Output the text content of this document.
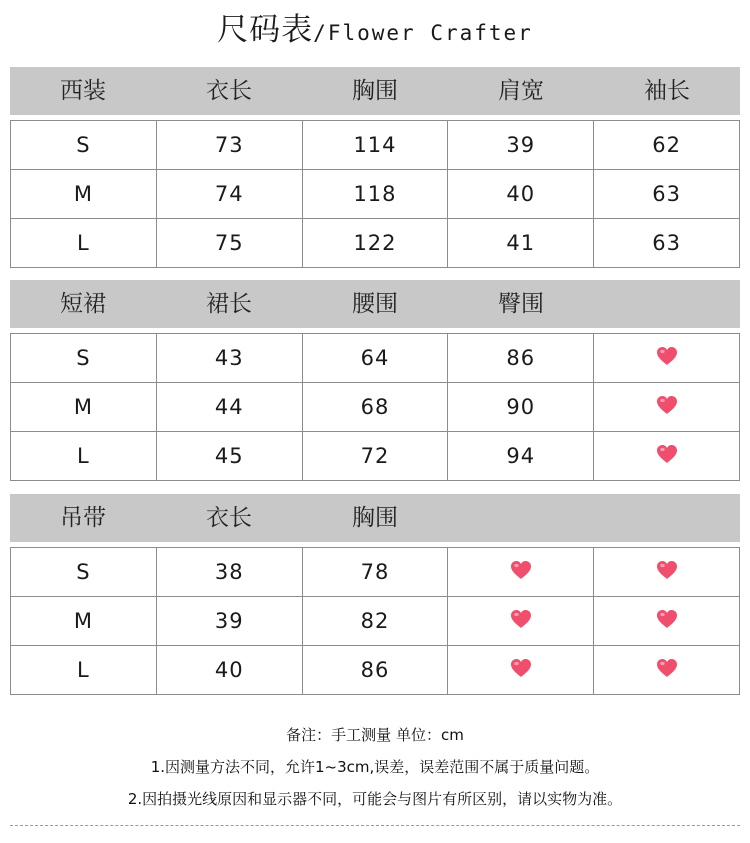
尺码表/Flower Crafter
西装	衣长	胸围	肩宽	袖长
S	73	114	39	62
M	74	118	40	63
L	75	122	41	63
短裙	裙长	腰围	臀围
S	43	64	86
M	44	68	90
L	45	72	94
吊带	衣长	胸围
S	38	78
M	39	82
L	40	86
备注：手工测量 单位：cm
1.因测量方法不同，允许1~3cm,误差，误差范围不属于质量问题。
2.因拍摄光线原因和显示器不同，可能会与图片有所区别，请以实物为准。
